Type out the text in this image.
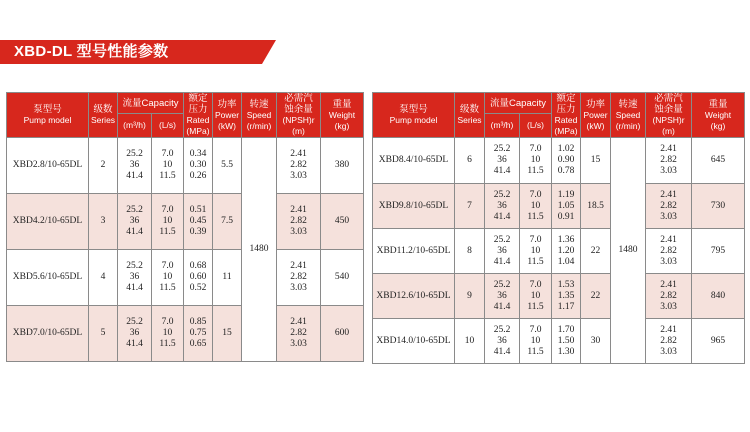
XBD-DL 型号性能参数
泵型号
Pump model	级数
Series	流量Capacity		额定
压力
Rated
(MPa)	功率
Power
(kW)	转速
Speed
(r/min)	必需汽
蚀余量
(NPSH)r
(m)	重量
Weight
(kg)

		(m³/h)	(L/s)					
XBD2.8/10-65DL	2	25.2
36
41.4	7.0
10
11.5	0.34
0.30
0.26	5.5	1480	2.41
2.82
3.03	380
XBD4.2/10-65DL	3	25.2
36
41.4	7.0
10
11.5	0.51
0.45
0.39	7.5		2.41
2.82
3.03	450
XBD5.6/10-65DL	4	25.2
36
41.4	7.0
10
11.5	0.68
0.60
0.52	11		2.41
2.82
3.03	540
XBD7.0/10-65DL	5	25.2
36
41.4	7.0
10
11.5	0.85
0.75
0.65	15		2.41
2.82
3.03	600
泵型号
Pump model	级数
Series	流量Capacity		额定
压力
Rated
(MPa)	功率
Power
(kW)	转速
Speed
(r/min)	必需汽
蚀余量
(NPSH)r
(m)	重量
Weight
(kg)

		(m³/h)	(L/s)					
XBD8.4/10-65DL	6	25.2
36
41.4	7.0
10
11.5	1.02
0.90
0.78	15	1480	2.41
2.82
3.03	645
XBD9.8/10-65DL	7	25.2
36
41.4	7.0
10
11.5	1.19
1.05
0.91	18.5		2.41
2.82
3.03	730
XBD11.2/10-65DL	8	25.2
36
41.4	7.0
10
11.5	1.36
1.20
1.04	22		2.41
2.82
3.03	795
XBD12.6/10-65DL	9	25.2
36
41.4	7.0
10
11.5	1.53
1.35
1.17	22		2.41
2.82
3.03	840
XBD14.0/10-65DL	10	25.2
36
41.4	7.0
10
11.5	1.70
1.50
1.30	30		2.41
2.82
3.03	965
